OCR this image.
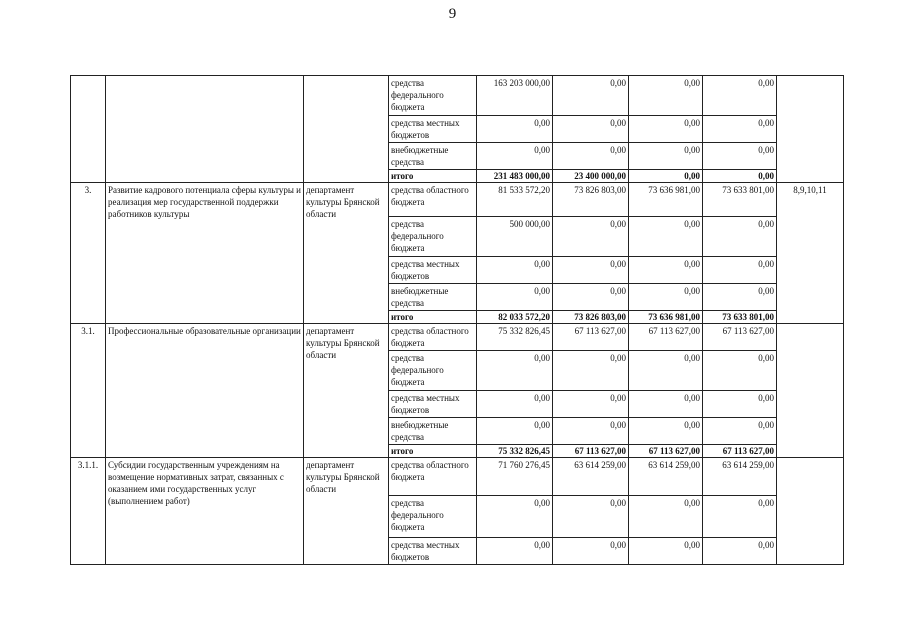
9
			средства федерального бюджета	163 203 000,00	0,00	0,00	0,00	
			средства местных бюджетов	0,00	0,00	0,00	0,00	
			внебюджетные средства	0,00	0,00	0,00	0,00	
			итого	231 483 000,00	23 400 000,00	0,00	0,00	
3.	Развитие кадрового потенциала сферы культуры и реализация мер государственной поддержки работников культуры	департамент культуры Брянской области	средства областного бюджета	81 533 572,20	73 826 803,00	73 636 981,00	73 633 801,00	8,9,10,11
			средства федерального бюджета	500 000,00	0,00	0,00	0,00	
			средства местных бюджетов	0,00	0,00	0,00	0,00	
			внебюджетные средства	0,00	0,00	0,00	0,00	
			итого	82 033 572,20	73 826 803,00	73 636 981,00	73 633 801,00	
3.1.	Профессиональные образовательные организации	департамент культуры Брянской области	средства областного бюджета	75 332 826,45	67 113 627,00	67 113 627,00	67 113 627,00	
			средства федерального бюджета	0,00	0,00	0,00	0,00	
			средства местных бюджетов	0,00	0,00	0,00	0,00	
			внебюджетные средства	0,00	0,00	0,00	0,00	
			итого	75 332 826,45	67 113 627,00	67 113 627,00	67 113 627,00	
3.1.1.	Субсидии государственным учреждениям на возмещение нормативных затрат, связанных с оказанием ими государственных услуг (выполнением работ)	департамент культуры Брянской области	средства областного бюджета	71 760 276,45	63 614 259,00	63 614 259,00	63 614 259,00	
			средства федерального бюджета	0,00	0,00	0,00	0,00	
			средства местных бюджетов	0,00	0,00	0,00	0,00	
